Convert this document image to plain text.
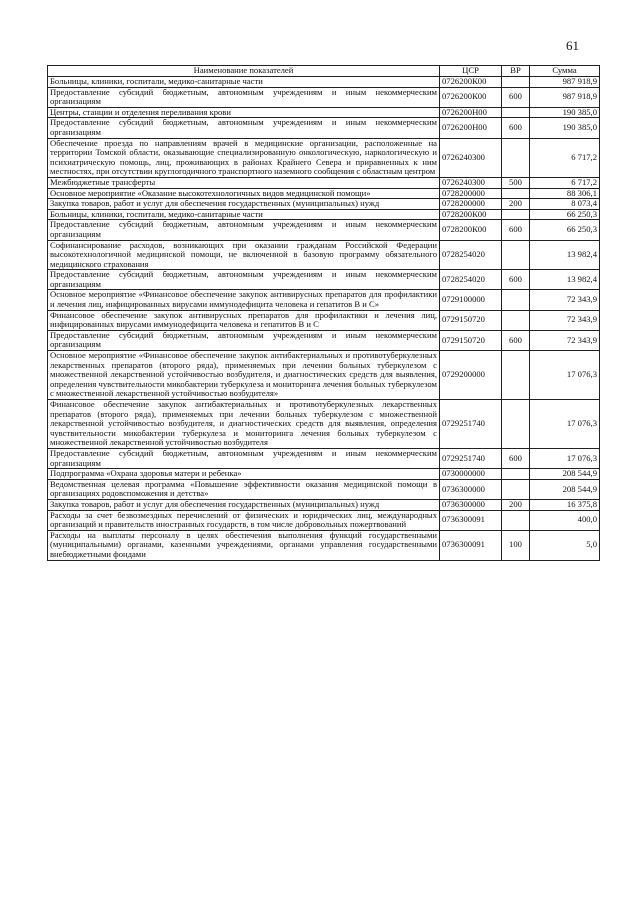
61
Наименование показателей	ЦСР	ВР	Сумма
Больницы, клиники, госпитали, медико-санитарные части	0726200К00		987 918,9
Предоставление субсидий бюджетным, автономным учреждениям и иным некоммерческим организациям	0726200К00	600	987 918,9
Центры, станции и отделения переливания крови	0726200Н00		190 385,0
Предоставление субсидий бюджетным, автономным учреждениям и иным некоммерческим организациям	0726200Н00	600	190 385,0
Обеспечение проезда по направлениям врачей в медицинские организации, расположенные на территории Томской области, оказывающие специализированную онкологическую, наркологическую и психиатрическую помощь, лиц, проживающих в районах Крайнего Севера и приравненных к ним местностях, при отсутствии круглогодичного транспортного наземного сообщения с областным центром	0726240300		6 717,2
Межбюджетные трансферты	0726240300	500	6 717,2
Основное мероприятие «Оказание высокотехнологичных видов медицинской помощи»	0728200000		88 306,1
Закупка товаров, работ и услуг для обеспечения государственных (муниципальных) нужд	0728200000	200	8 073,4
Больницы, клиники, госпитали, медико-санитарные части	0728200К00		66 250,3
Предоставление субсидий бюджетным, автономным учреждениям и иным некоммерческим организациям	0728200К00	600	66 250,3
Софинансирование расходов, возникающих при оказании гражданам Российской Федерации высокотехнологичной медицинской помощи, не включенной в базовую программу обязательного медицинского страхования	0728254020		13 982,4
Предоставление субсидий бюджетным, автономным учреждениям и иным некоммерческим организациям	0728254020	600	13 982,4
Основное мероприятие «Финансовое обеспечение закупок антивирусных препаратов для профилактики и лечения лиц, инфицированных вирусами иммунодефицита человека и гепатитов В и С»	0729100000		72 343,9
Финансовое обеспечение закупок антивирусных препаратов для профилактики и лечения лиц, инфицированных вирусами иммунодефицита человека и гепатитов В и С	0729150720		72 343,9
Предоставление субсидий бюджетным, автономным учреждениям и иным некоммерческим организациям	0729150720	600	72 343,9
Основное мероприятие «Финансовое обеспечение закупок антибактериальных и противотуберкулезных лекарственных препаратов (второго ряда), применяемых при лечении больных туберкулезом с множественной лекарственной устойчивостью возбудителя, и диагностических средств для выявления, определения чувствительности микобактерии туберкулеза и мониторинга лечения больных туберкулезом с множественной лекарственной устойчивостью возбудителя»	0729200000		17 076,3
Финансовое обеспечение закупок антибактериальных и противотуберкулезных лекарственных препаратов (второго ряда), применяемых при лечении больных туберкулезом с множественной лекарственной устойчивостью возбудителя, и диагностических средств для выявления, определения чувствительности микобактерии туберкулеза и мониторинга лечения больных туберкулезом с множественной лекарственной устойчивостью возбудителя	0729251740		17 076,3
Предоставление субсидий бюджетным, автономным учреждениям и иным некоммерческим организациям	0729251740	600	17 076,3
Подпрограмма «Охрана здоровья матери и ребенка»	0730000000		208 544,9
Ведомственная целевая программа «Повышение эффективности оказания медицинской помощи в организациях родовспоможения и детства»	0736300000		208 544,9
Закупка товаров, работ и услуг для обеспечения государственных (муниципальных) нужд	0736300000	200	16 375,8
Расходы за счет безвозмездных перечислений от физических и юридических лиц, международных организаций и правительств иностранных государств, в том числе добровольных пожертвований	0736300091		400,0
Расходы на выплаты персоналу в целях обеспечения выполнения функций государственными (муниципальными) органами, казенными учреждениями, органами управления государственными внебюджетными фондами	0736300091	100	5,0
